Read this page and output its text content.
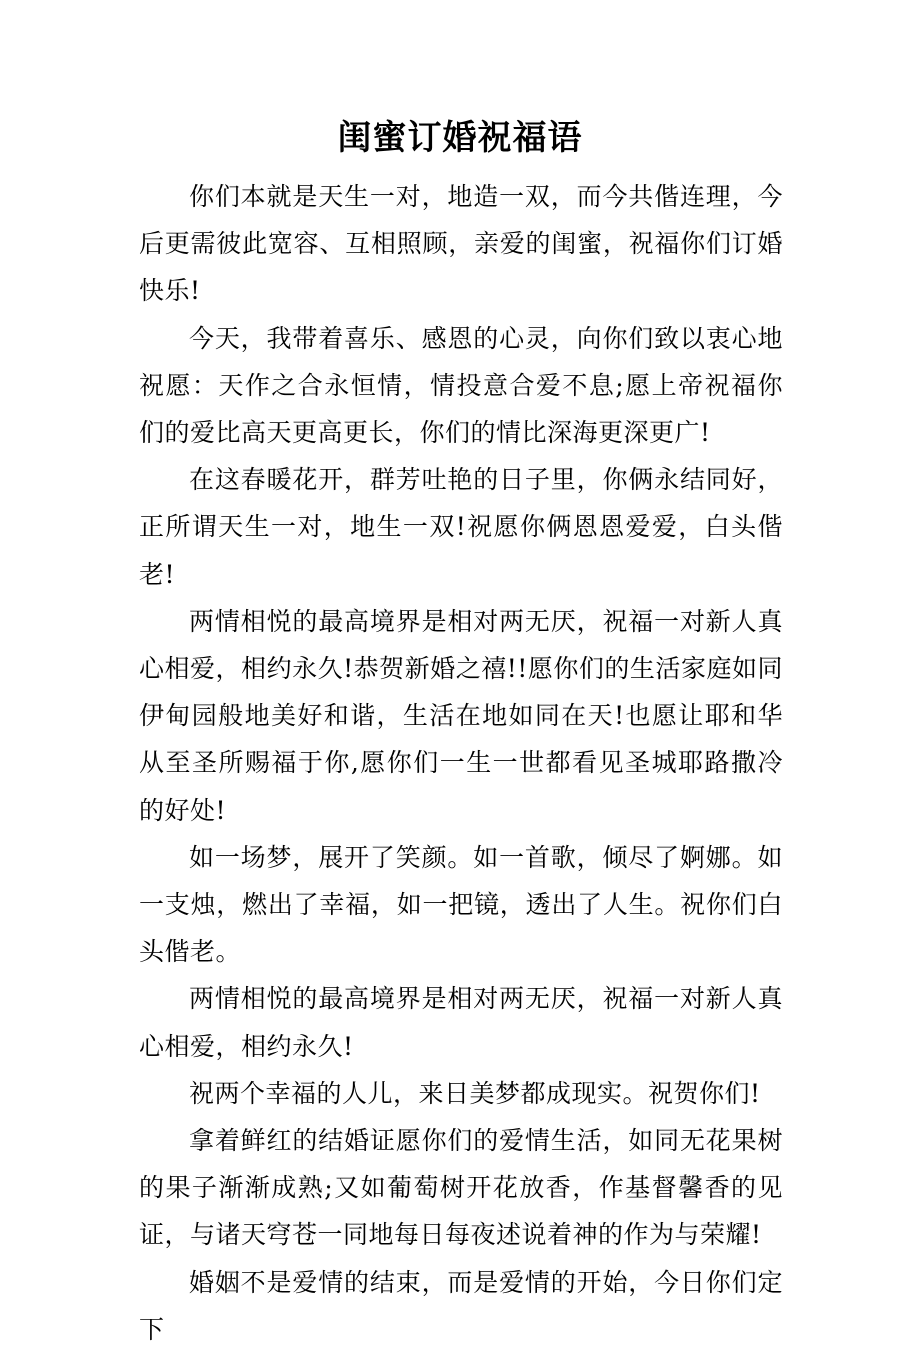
闺蜜订婚祝福语

你们本就是天生一对，地造一双，而今共偕连理，今后更需彼此宽容、互相照顾，亲爱的闺蜜，祝福你们订婚快乐!

今天，我带着喜乐、感恩的心灵，向你们致以衷心地祝愿：天作之合永恒情，情投意合爱不息;愿上帝祝福你们的爱比高天更高更长，你们的情比深海更深更广!

在这春暖花开，群芳吐艳的日子里，你俩永结同好，正所谓天生一对，地生一双!祝愿你俩恩恩爱爱，白头偕老!

两情相悦的最高境界是相对两无厌，祝福一对新人真心相爱，相约永久!恭贺新婚之禧!!愿你们的生活家庭如同伊甸园般地美好和谐，生活在地如同在天!也愿让耶和华从至圣所赐福于你,愿你们一生一世都看见圣城耶路撒冷的好处!

如一场梦，展开了笑颜。如一首歌，倾尽了婀娜。如一支烛，燃出了幸福，如一把镜，透出了人生。祝你们白头偕老。

两情相悦的最高境界是相对两无厌，祝福一对新人真心相爱，相约永久!

祝两个幸福的人儿，来日美梦都成现实。祝贺你们!

拿着鲜红的结婚证愿你们的爱情生活，如同无花果树的果子渐渐成熟;又如葡萄树开花放香，作基督馨香的见证，与诸天穹苍一同地每日每夜述说着神的作为与荣耀!

婚姻不是爱情的结束，而是爱情的开始，今日你们定下
